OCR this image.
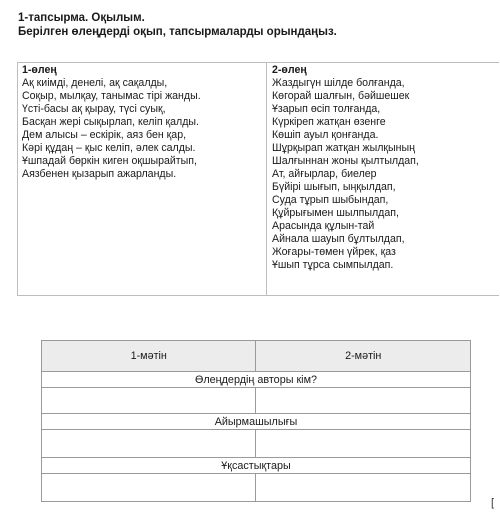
1-тапсырма. Оқылым.
Берілген өлеңдерді оқып, тапсырмаларды орындаңыз.
1-өлең
Ақ киімді, денелі, ақ сақалды,
Соқыр, мылқау, танымас тірі жанды.
Үсті-басы ақ қырау, түсі суық,
Басқан жері сықырлап, келіп қалды.
Дем алысы – ескірік, аяз бен қар,
Кәрі құдаң – қыс келіп, әлек салды.
Ұшпадай бөркін киген оқшырайтып,
Аязбенен қызарып ажарланды.
2-өлең
Жаздыгүн шілде болғанда,
Көгорай шалғын, бәйшешек
Ұзарып өсіп толғанда,
Күркіреп жатқан өзенге
Көшіп ауыл қонғанда.
Шұрқырап жатқан жылқының
Шалғыннан жоны қылтылдап,
Ат, айғырлар, биелер
Бүйірі шығып, ыңқылдап,
Суда тұрып шыбындап,
Құйрығымен шылпылдап,
Арасында құлын-тай
Айнала шауып бұлтылдап,
Жоғары-төмен үйрек, қаз
Ұшып тұрса сымпылдап.
1-мәтін	2-мәтін
Өлеңдердің авторы кім?	

Айырмашылығы	

Ұқсастықтары	

[
